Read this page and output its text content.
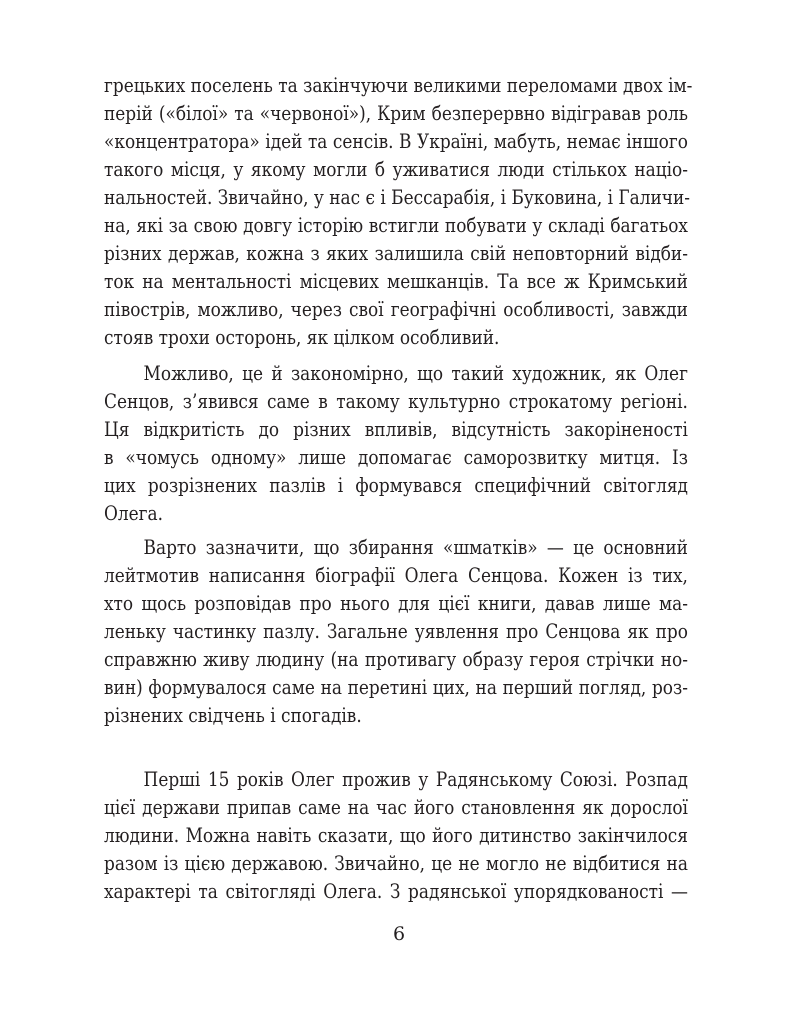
грецьких поселень та закінчуючи великими переломами двох ім-
перій («білої» та «червоної»), Крим безперервно відігравав роль
«концентратора» ідей та сенсів. В Україні, мабуть, немає іншого
такого місця, у якому могли б уживатися люди стількох націо-
нальностей. Звичайно, у нас є і Бессарабія, і Буковина, і Галичи-
на, які за свою довгу історію встигли побувати у складі багатьох
різних держав, кожна з яких залишила свій неповторний відби-
ток на ментальності місцевих мешканців. Та все ж Кримський
півострів, можливо, через свої географічні особливості, завжди
стояв трохи осторонь, як цілком особливий.
Можливо, це й закономірно, що такий художник, як Олег
Сенцов, з’явився саме в такому культурно строкатому регіоні.
Ця відкритість до різних впливів, відсутність закоріненості
в «чомусь одному» лише допомагає саморозвитку митця. Із
цих розрізнених пазлів і формувався специфічний світогляд
Олега.
Варто зазначити, що збирання «шматків» — це основний
лейтмотив написання біографії Олега Сенцова. Кожен із тих,
хто щось розповідав про нього для цієї книги, давав лише ма-
леньку частинку пазлу. Загальне уявлення про Сенцова як про
справжню живу людину (на противагу образу героя стрічки но-
вин) формувалося саме на перетині цих, на перший погляд, роз-
різнених свідчень і спогадів.
Перші 15 років Олег прожив у Радянському Союзі. Розпад
цієї держави припав саме на час його становлення як дорослої
людини. Можна навіть сказати, що його дитинство закінчилося
разом із цією державою. Звичайно, це не могло не відбитися на
характері та світогляді Олега. З радянської упорядкованості —
6
